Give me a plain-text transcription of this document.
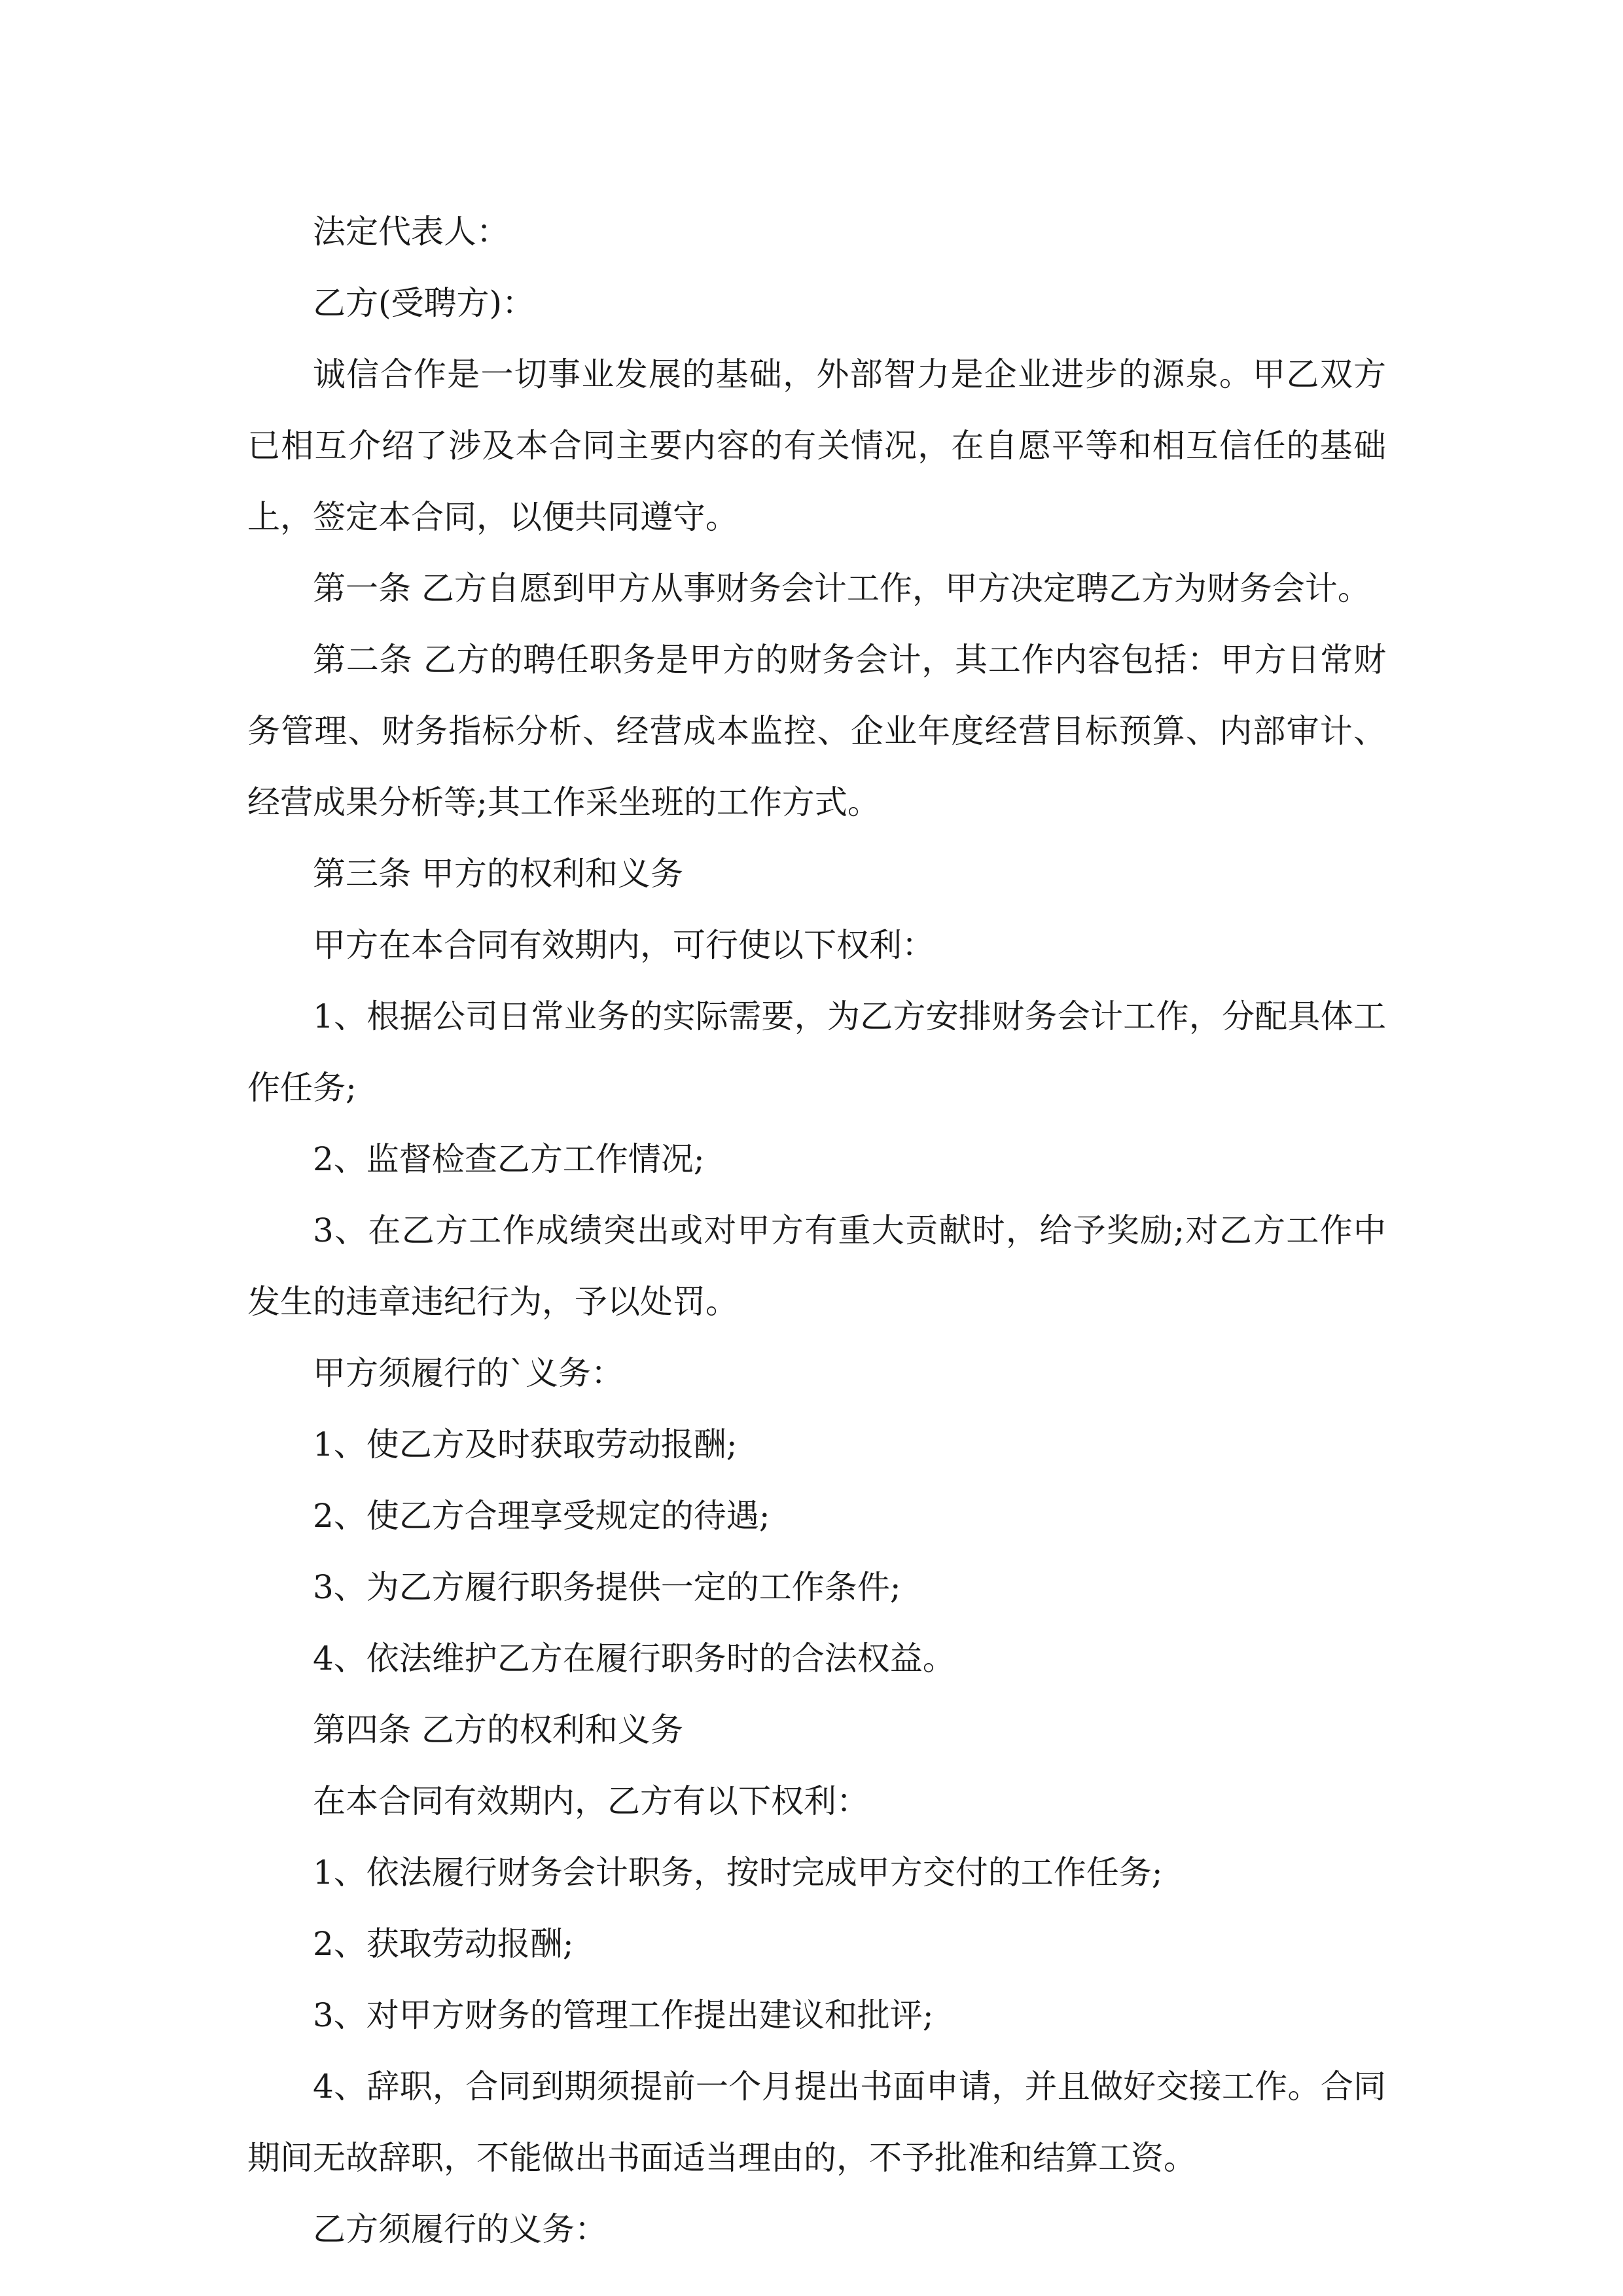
法定代表人：

乙方(受聘方)：

诚信合作是一切事业发展的基础，外部智力是企业进步的源泉。甲乙双方已相互介绍了涉及本合同主要内容的有关情况，在自愿平等和相互信任的基础上，签定本合同，以便共同遵守。

第一条 乙方自愿到甲方从事财务会计工作，甲方决定聘乙方为财务会计。

第二条 乙方的聘任职务是甲方的财务会计，其工作内容包括：甲方日常财务管理、财务指标分析、经营成本监控、企业年度经营目标预算、内部审计、经营成果分析等;其工作采坐班的工作方式。

第三条 甲方的权利和义务

甲方在本合同有效期内，可行使以下权利：

1、根据公司日常业务的实际需要，为乙方安排财务会计工作，分配具体工作任务;

2、监督检查乙方工作情况;

3、在乙方工作成绩突出或对甲方有重大贡献时，给予奖励;对乙方工作中发生的违章违纪行为，予以处罚。

甲方须履行的`义务：

1、使乙方及时获取劳动报酬;

2、使乙方合理享受规定的待遇;

3、为乙方履行职务提供一定的工作条件;

4、依法维护乙方在履行职务时的合法权益。

第四条 乙方的权利和义务

在本合同有效期内，乙方有以下权利：

1、依法履行财务会计职务，按时完成甲方交付的工作任务;

2、获取劳动报酬;

3、对甲方财务的管理工作提出建议和批评;

4、辞职，合同到期须提前一个月提出书面申请，并且做好交接工作。合同期间无故辞职，不能做出书面适当理由的，不予批准和结算工资。

乙方须履行的义务：
